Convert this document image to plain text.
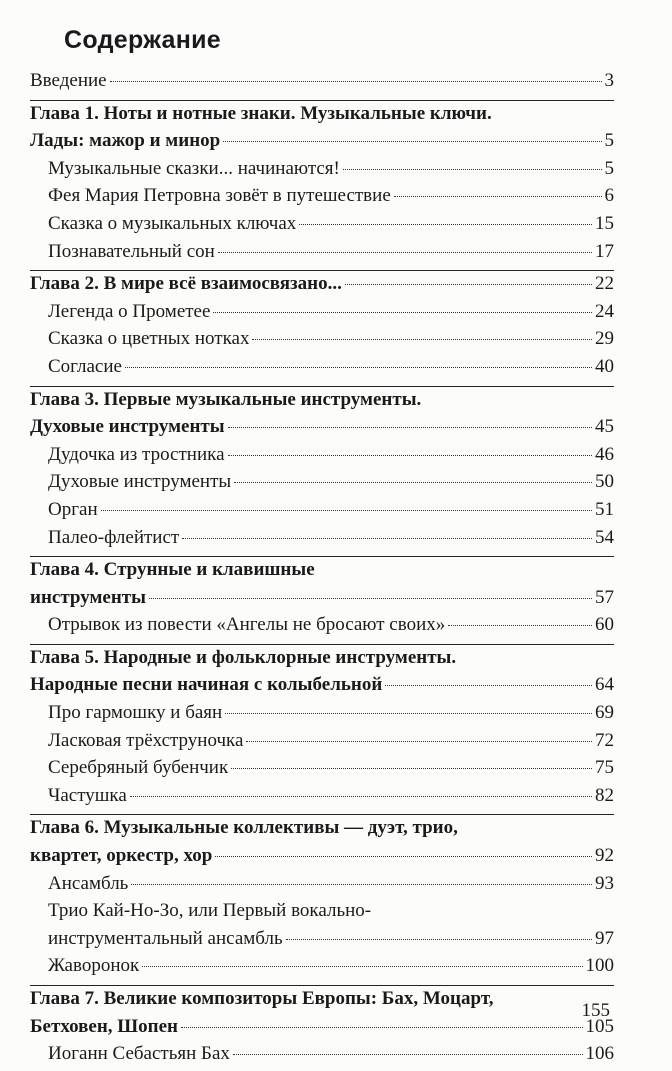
Содержание
Введение	3
Глава 1. Ноты и нотные знаки. Музыкальные ключи.
Лады: мажор и минор	5
Музыкальные сказки... начинаются!	5
Фея Мария Петровна зовёт в путешествие	6
Сказка о музыкальных ключах	15
Познавательный сон	17
Глава 2. В мире всё взаимосвязано...	22
Легенда о Прометее	24
Сказка о цветных нотках	29
Согласие	40
Глава 3. Первые музыкальные инструменты.
Духовые инструменты	45
Дудочка из тростника	46
Духовые инструменты	50
Орган	51
Палео-флейтист	54
Глава 4. Струнные и клавишные
инструменты	57
Отрывок из повести «Ангелы не бросают своих»	60
Глава 5. Народные и фольклорные инструменты.
Народные песни начиная с колыбельной	64
Про гармошку и баян	69
Ласковая трёхструночка	72
Серебряный бубенчик	75
Частушка	82
Глава 6. Музыкальные коллективы — дуэт, трио,
квартет, оркестр, хор	92
Ансамбль	93
Трио Кай-Но-Зо, или Первый вокально-
инструментальный ансамбль	97
Жаворонок	100
Глава 7. Великие композиторы Европы: Бах, Моцарт,
Бетховен, Шопен	105
Иоганн Себастьян Бах	106
155
